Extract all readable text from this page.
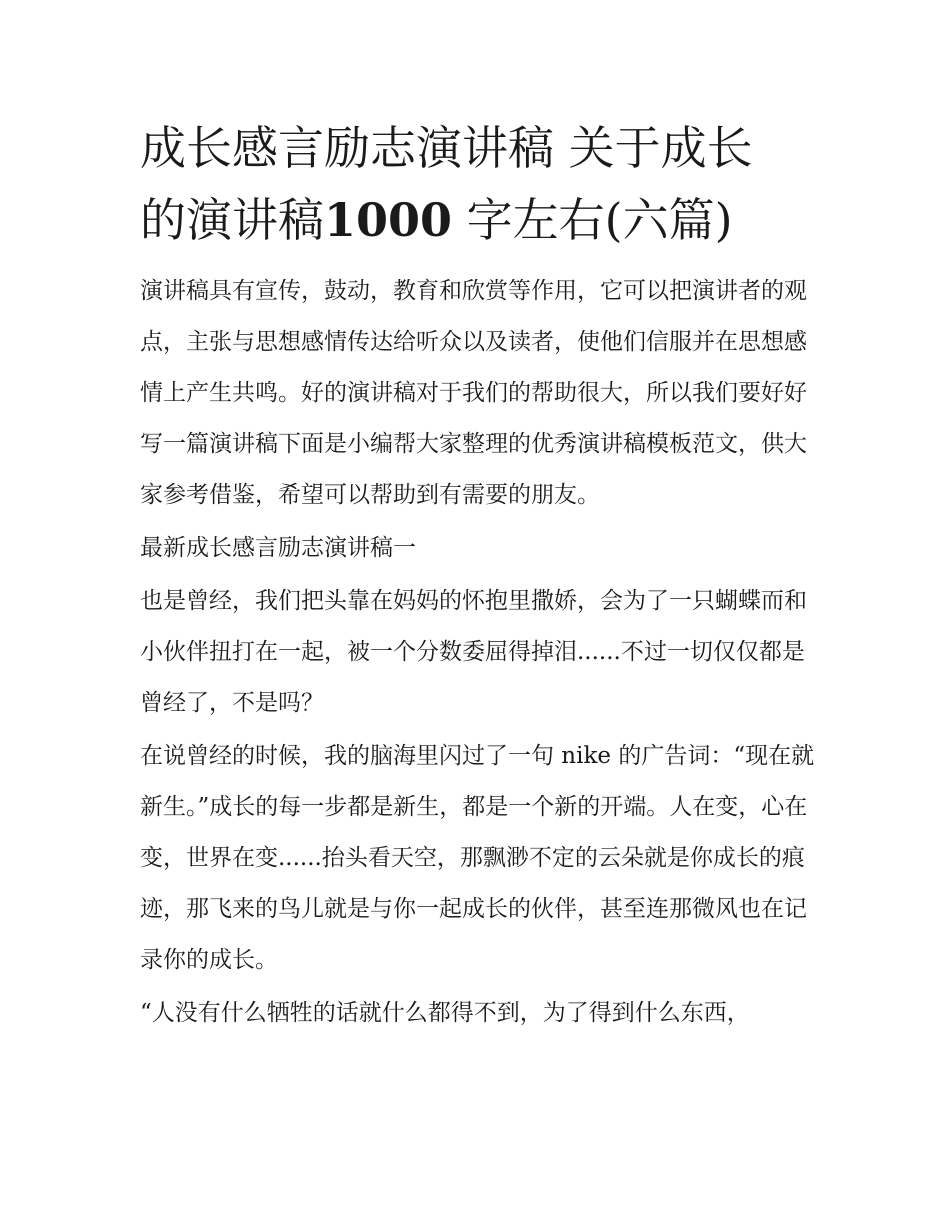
成长感言励志演讲稿 关于成长
的演讲稿1000 字左右(六篇)

演讲稿具有宣传，鼓动，教育和欣赏等作用，它可以把演讲者的观点，主张与思想感情传达给听众以及读者，使他们信服并在思想感情上产生共鸣。好的演讲稿对于我们的帮助很大，所以我们要好好写一篇演讲稿下面是小编帮大家整理的优秀演讲稿模板范文，供大家参考借鉴，希望可以帮助到有需要的朋友。

最新成长感言励志演讲稿一

也是曾经，我们把头靠在妈妈的怀抱里撒娇，会为了一只蝴蝶而和小伙伴扭打在一起，被一个分数委屈得掉泪......不过一切仅仅都是曾经了，不是吗？

在说曾经的时候，我的脑海里闪过了一句 nike 的广告词：“现在就新生。”成长的每一步都是新生，都是一个新的开端。人在变，心在变，世界在变......抬头看天空，那飘渺不定的云朵就是你成长的痕迹，那飞来的鸟儿就是与你一起成长的伙伴，甚至连那微风也在记录你的成长。

“人没有什么牺牲的话就什么都得不到，为了得到什么东西，
